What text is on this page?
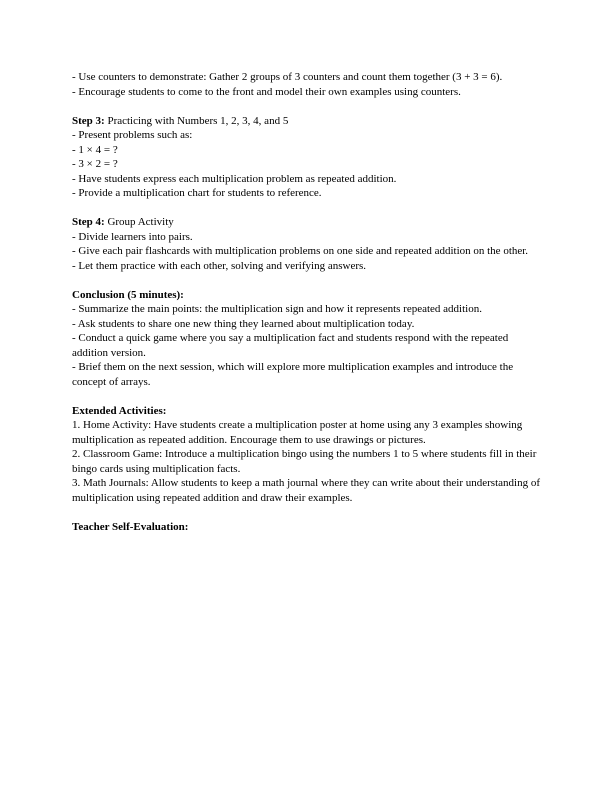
- Use counters to demonstrate: Gather 2 groups of 3 counters and count them together (3 + 3 = 6).
- Encourage students to come to the front and model their own examples using counters.
Step 3: Practicing with Numbers 1, 2, 3, 4, and 5
- Present problems such as:
- 1 × 4 = ?
- 3 × 2 = ?
- Have students express each multiplication problem as repeated addition.
- Provide a multiplication chart for students to reference.
Step 4: Group Activity
- Divide learners into pairs.
- Give each pair flashcards with multiplication problems on one side and repeated addition on the other.
- Let them practice with each other, solving and verifying answers.
Conclusion (5 minutes):
- Summarize the main points: the multiplication sign and how it represents repeated addition.
- Ask students to share one new thing they learned about multiplication today.
- Conduct a quick game where you say a multiplication fact and students respond with the repeated addition version.
- Brief them on the next session, which will explore more multiplication examples and introduce the concept of arrays.
Extended Activities:
1. Home Activity: Have students create a multiplication poster at home using any 3 examples showing multiplication as repeated addition. Encourage them to use drawings or pictures.
2. Classroom Game: Introduce a multiplication bingo using the numbers 1 to 5 where students fill in their bingo cards using multiplication facts.
3. Math Journals: Allow students to keep a math journal where they can write about their understanding of multiplication using repeated addition and draw their examples.
Teacher Self-Evaluation:
